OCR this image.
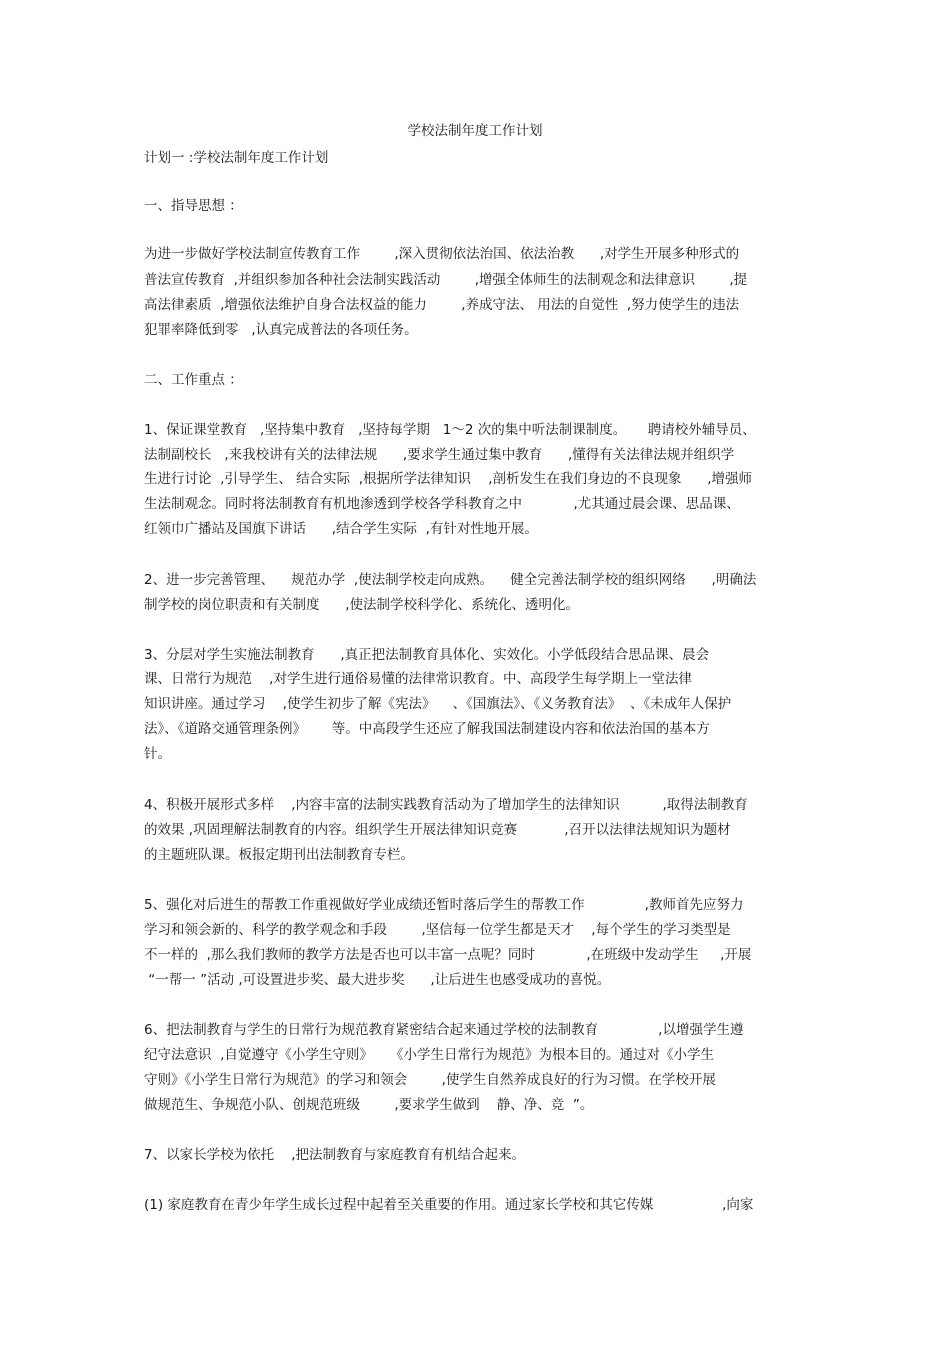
学校法制年度工作计划
计划一 :学校法制年度工作计划
一、指导思想 ：
为进一步做好学校法制宣传教育工作        ,深入贯彻依法治国、依法治教      ,对学生开展多种形式的
普法宣传教育  ,并组织参加各种社会法制实践活动        ,增强全体师生的法制观念和法律意识        ,提
高法律素质  ,增强依法维护自身合法权益的能力        ,养成守法、 用法的自觉性  ,努力使学生的违法
犯罪率降低到零   ,认真完成普法的各项任务。
二、工作重点 ：
1、保证课堂教育   ,坚持集中教育   ,坚持每学期   1～2 次的集中听法制课制度。     聘请校外辅导员、
法制副校长   ,来我校讲有关的法律法规      ,要求学生通过集中教育      ,懂得有关法律法规并组织学
生进行讨论  ,引导学生、 结合实际  ,根据所学法律知识    ,剖析发生在我们身边的不良现象      ,增强师
生法制观念。同时将法制教育有机地渗透到学校各学科教育之中            ,尤其通过晨会课、思品课、
红领巾广播站及国旗下讲话      ,结合学生实际  ,有针对性地开展。
2、进一步完善管理、    规范办学  ,使法制学校走向成熟。    健全完善法制学校的组织网络      ,明确法
制学校的岗位职责和有关制度      ,使法制学校科学化、系统化、透明化。
3、分层对学生实施法制教育      ,真正把法制教育具体化、实效化。小学低段结合思品课、晨会
课、日常行为规范    ,对学生进行通俗易懂的法律常识教育。中、高段学生每学期上一堂法律
知识讲座。通过学习    ,使学生初步了解《宪法》    、《国旗法》、《义务教育法》  、《未成年人保护
法》、《道路交通管理条例》      等。中高段学生还应了解我国法制建设内容和依法治国的基本方
针。
4、积极开展形式多样    ,内容丰富的法制实践教育活动为了增加学生的法律知识          ,取得法制教育
的效果 ,巩固理解法制教育的内容。组织学生开展法律知识竞赛           ,召开以法律法规知识为题材
的主题班队课。板报定期刊出法制教育专栏。
5、强化对后进生的帮教工作重视做好学业成绩还暂时落后学生的帮教工作              ,教师首先应努力
学习和领会新的、科学的教学观念和手段        ,坚信每一位学生都是天才    ,每个学生的学习类型是
不一样的  ,那么我们教师的教学方法是否也可以丰富一点呢？同时            ,在班级中发动学生     ,开展
“一帮一 ”活动 ,可设置进步奖、最大进步奖      ,让后进生也感受成功的喜悦。
6、把法制教育与学生的日常行为规范教育紧密结合起来通过学校的法制教育              ,以增强学生遵
纪守法意识  ,自觉遵守《小学生守则》    《小学生日常行为规范》为根本目的。通过对《小学生
守则》《小学生日常行为规范》的学习和领会        ,使学生自然养成良好的行为习惯。在学校开展
做规范生、争规范小队、创规范班级        ,要求学生做到    静、净、竞  ”。
7、以家长学校为依托    ,把法制教育与家庭教育有机结合起来。
(1) 家庭教育在青少年学生成长过程中起着至关重要的作用。通过家长学校和其它传媒                ,向家
